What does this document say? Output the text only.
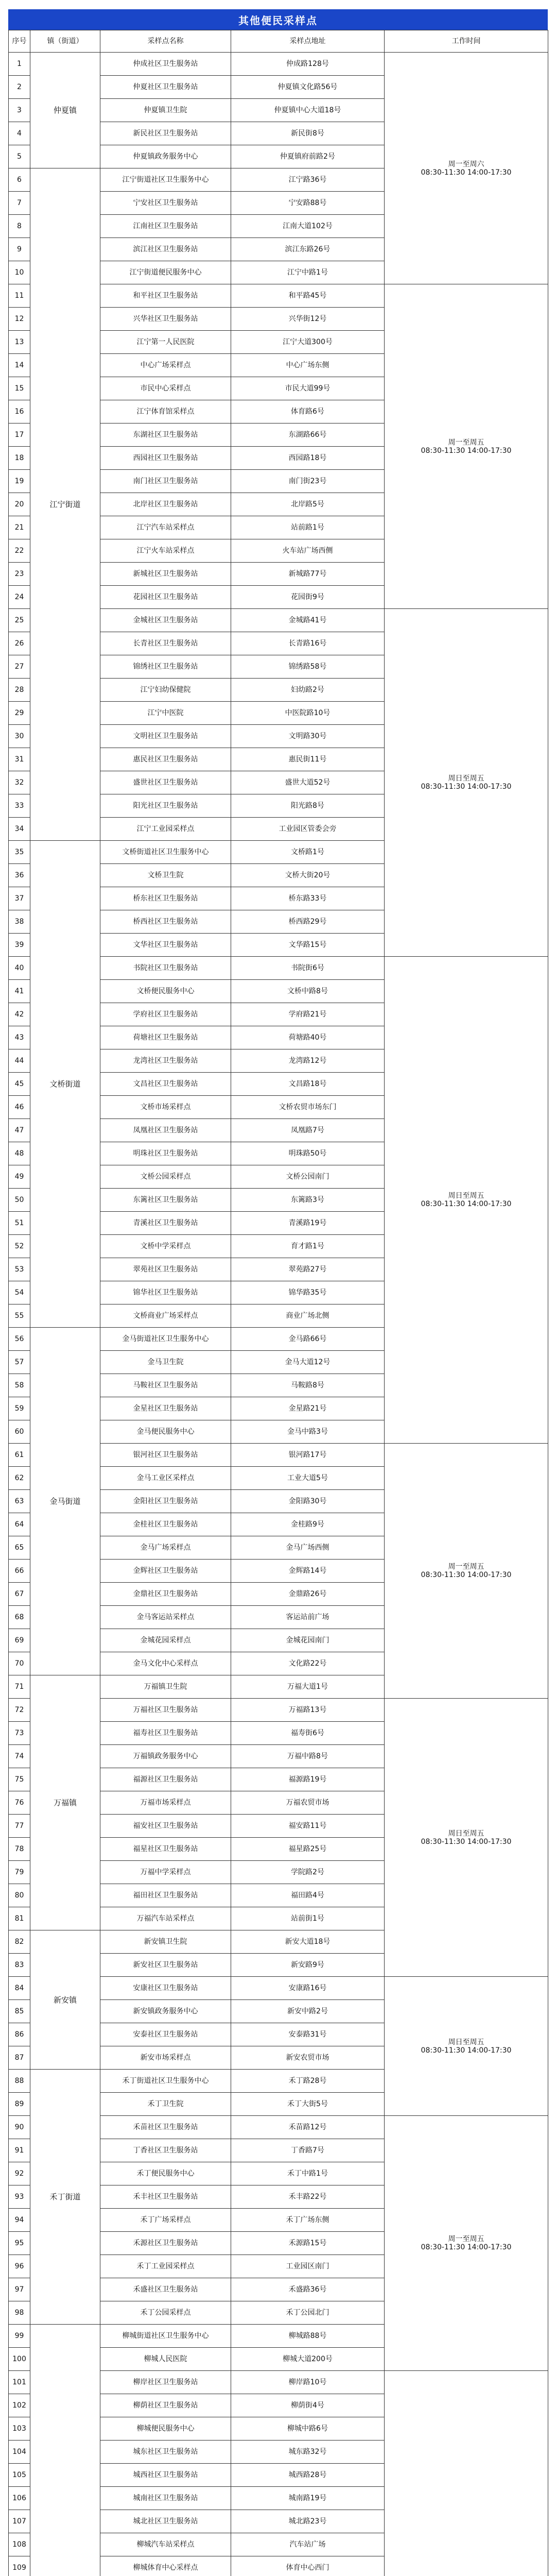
其他便民采样点
序号	镇（街道）	采样点名称	采样点地址	工作时间
1	仲夏镇	仲成社区卫生服务站	仲成路128号	周一至周六
08:30-11:30 14:00-17:30
2		仲夏社区卫生服务站	仲夏镇文化路56号	
3		仲夏镇卫生院	仲夏镇中心大道18号	
4		新民社区卫生服务站	新民街8号	
5		仲夏镇政务服务中心	仲夏镇府前路2号	
6	江宁街道	江宁街道社区卫生服务中心	江宁路36号	
7		宁安社区卫生服务站	宁安路88号	
8		江南社区卫生服务站	江南大道102号	
9		滨江社区卫生服务站	滨江东路26号	
10		江宁街道便民服务中心	江宁中路1号	
11		和平社区卫生服务站	和平路45号	周一至周五
08:30-11:30 14:00-17:30
12		兴华社区卫生服务站	兴华街12号	
13		江宁第一人民医院	江宁大道300号	
14		中心广场采样点	中心广场东侧	
15		市民中心采样点	市民大道99号	
16		江宁体育馆采样点	体育路6号	
17		东湖社区卫生服务站	东湖路66号	
18		西园社区卫生服务站	西园路18号	
19		南门社区卫生服务站	南门街23号	
20		北岸社区卫生服务站	北岸路5号	
21		江宁汽车站采样点	站前路1号	
22		江宁火车站采样点	火车站广场西侧	
23		新城社区卫生服务站	新城路77号	
24		花园社区卫生服务站	花园街9号	
25		金城社区卫生服务站	金城路41号	周日至周五
08:30-11:30 14:00-17:30
26		长青社区卫生服务站	长青路16号	
27		锦绣社区卫生服务站	锦绣路58号	
28		江宁妇幼保健院	妇幼路2号	
29		江宁中医院	中医院路10号	
30		文明社区卫生服务站	文明路30号	
31		惠民社区卫生服务站	惠民街11号	
32		盛世社区卫生服务站	盛世大道52号	
33		阳光社区卫生服务站	阳光路8号	
34		江宁工业园采样点	工业园区管委会旁	
35	文桥街道	文桥街道社区卫生服务中心	文桥路1号	
36		文桥卫生院	文桥大街20号	
37		桥东社区卫生服务站	桥东路33号	
38		桥西社区卫生服务站	桥西路29号	
39		文华社区卫生服务站	文华路15号	
40		书院社区卫生服务站	书院街6号	周日至周五
08:30-11:30 14:00-17:30
41		文桥便民服务中心	文桥中路8号	
42		学府社区卫生服务站	学府路21号	
43		荷塘社区卫生服务站	荷塘路40号	
44		龙湾社区卫生服务站	龙湾路12号	
45		文昌社区卫生服务站	文昌路18号	
46		文桥市场采样点	文桥农贸市场东门	
47		凤凰社区卫生服务站	凤凰路7号	
48		明珠社区卫生服务站	明珠路50号	
49		文桥公园采样点	文桥公园南门	
50		东篱社区卫生服务站	东篱路3号	
51		青溪社区卫生服务站	青溪路19号	
52		文桥中学采样点	育才路1号	
53		翠苑社区卫生服务站	翠苑路27号	
54		锦华社区卫生服务站	锦华路35号	
55		文桥商业广场采样点	商业广场北侧	
56	金马街道	金马街道社区卫生服务中心	金马路66号	
57		金马卫生院	金马大道12号	
58		马鞍社区卫生服务站	马鞍路8号	
59		金星社区卫生服务站	金星路21号	
60		金马便民服务中心	金马中路3号	
61		银河社区卫生服务站	银河路17号	周一至周五
08:30-11:30 14:00-17:30
62		金马工业区采样点	工业大道5号	
63		金阳社区卫生服务站	金阳路30号	
64		金桂社区卫生服务站	金桂路9号	
65		金马广场采样点	金马广场西侧	
66		金辉社区卫生服务站	金辉路14号	
67		金鼎社区卫生服务站	金鼎路26号	
68		金马客运站采样点	客运站前广场	
69		金城花园采样点	金城花园南门	
70		金马文化中心采样点	文化路22号	
71	万福镇	万福镇卫生院	万福大道1号	
72		万福社区卫生服务站	万福路13号	周日至周五
08:30-11:30 14:00-17:30
73		福寿社区卫生服务站	福寿街6号	
74		万福镇政务服务中心	万福中路8号	
75		福源社区卫生服务站	福源路19号	
76		万福市场采样点	万福农贸市场	
77		福安社区卫生服务站	福安路11号	
78		福星社区卫生服务站	福星路25号	
79		万福中学采样点	学院路2号	
80		福田社区卫生服务站	福田路4号	
81		万福汽车站采样点	站前街1号	
82	新安镇	新安镇卫生院	新安大道18号	
83		新安社区卫生服务站	新安路9号	
84		安康社区卫生服务站	安康路16号	周日至周五
08:30-11:30 14:00-17:30
85		新安镇政务服务中心	新安中路2号	
86		安泰社区卫生服务站	安泰路31号	
87		新安市场采样点	新安农贸市场	
88	禾丁街道	禾丁街道社区卫生服务中心	禾丁路28号	
89		禾丁卫生院	禾丁大街5号	
90		禾苗社区卫生服务站	禾苗路12号	周一至周五
08:30-11:30 14:00-17:30
91		丁香社区卫生服务站	丁香路7号	
92		禾丁便民服务中心	禾丁中路1号	
93		禾丰社区卫生服务站	禾丰路22号	
94		禾丁广场采样点	禾丁广场东侧	
95		禾源社区卫生服务站	禾源路15号	
96		禾丁工业园采样点	工业园区南门	
97		禾盛社区卫生服务站	禾盛路36号	
98		禾丁公园采样点	禾丁公园北门	
99		柳城街道社区卫生服务中心	柳城路88号	
100		柳城人民医院	柳城大道200号	
101		柳岸社区卫生服务站	柳岸路10号	
102		柳荫社区卫生服务站	柳荫街4号	
103		柳城便民服务中心	柳城中路6号	
104		城东社区卫生服务站	城东路32号	
105		城西社区卫生服务站	城西路28号	
106		城南社区卫生服务站	城南路19号	
107		城北社区卫生服务站	城北路23号	
108		柳城汽车站采样点	汽车站广场	
109		柳城体育中心采样点	体育中心西门	
